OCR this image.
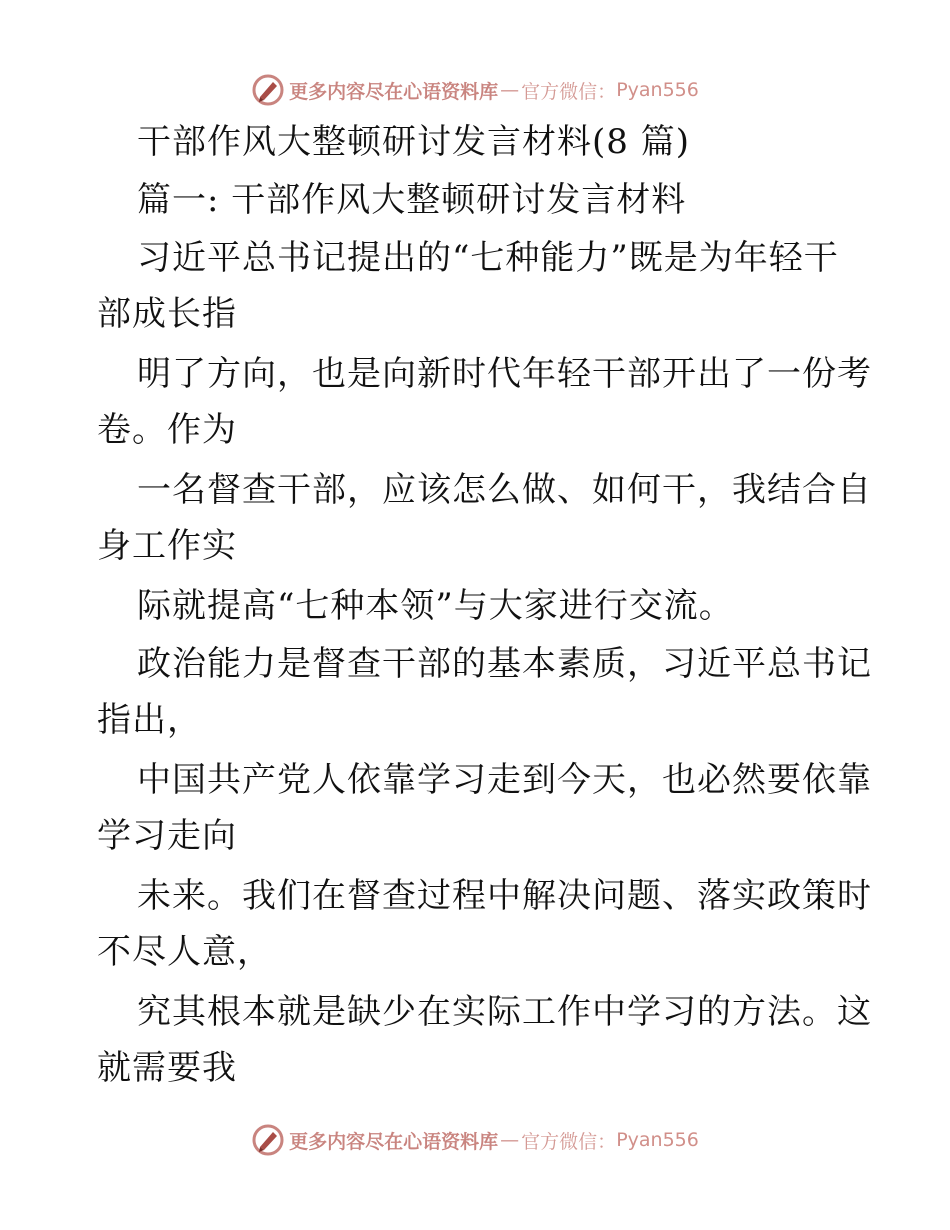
更多内容尽在心语资料库 — 官方微信： Pyan556
干部作风大整顿研讨发言材料(8 篇)
篇一: 干部作风大整顿研讨发言材料
习近平总书记提出的“七种能力”既是为年轻干
部成长指
明了方向，也是向新时代年轻干部开出了一份考
卷。作为
一名督查干部，应该怎么做、如何干，我结合自
身工作实
际就提高“七种本领”与大家进行交流。
政治能力是督查干部的基本素质，习近平总书记
指出，
中国共产党人依靠学习走到今天，也必然要依靠
学习走向
未来。我们在督查过程中解决问题、落实政策时
不尽人意，
究其根本就是缺少在实际工作中学习的方法。这
就需要我
更多内容尽在心语资料库 — 官方微信： Pyan556
